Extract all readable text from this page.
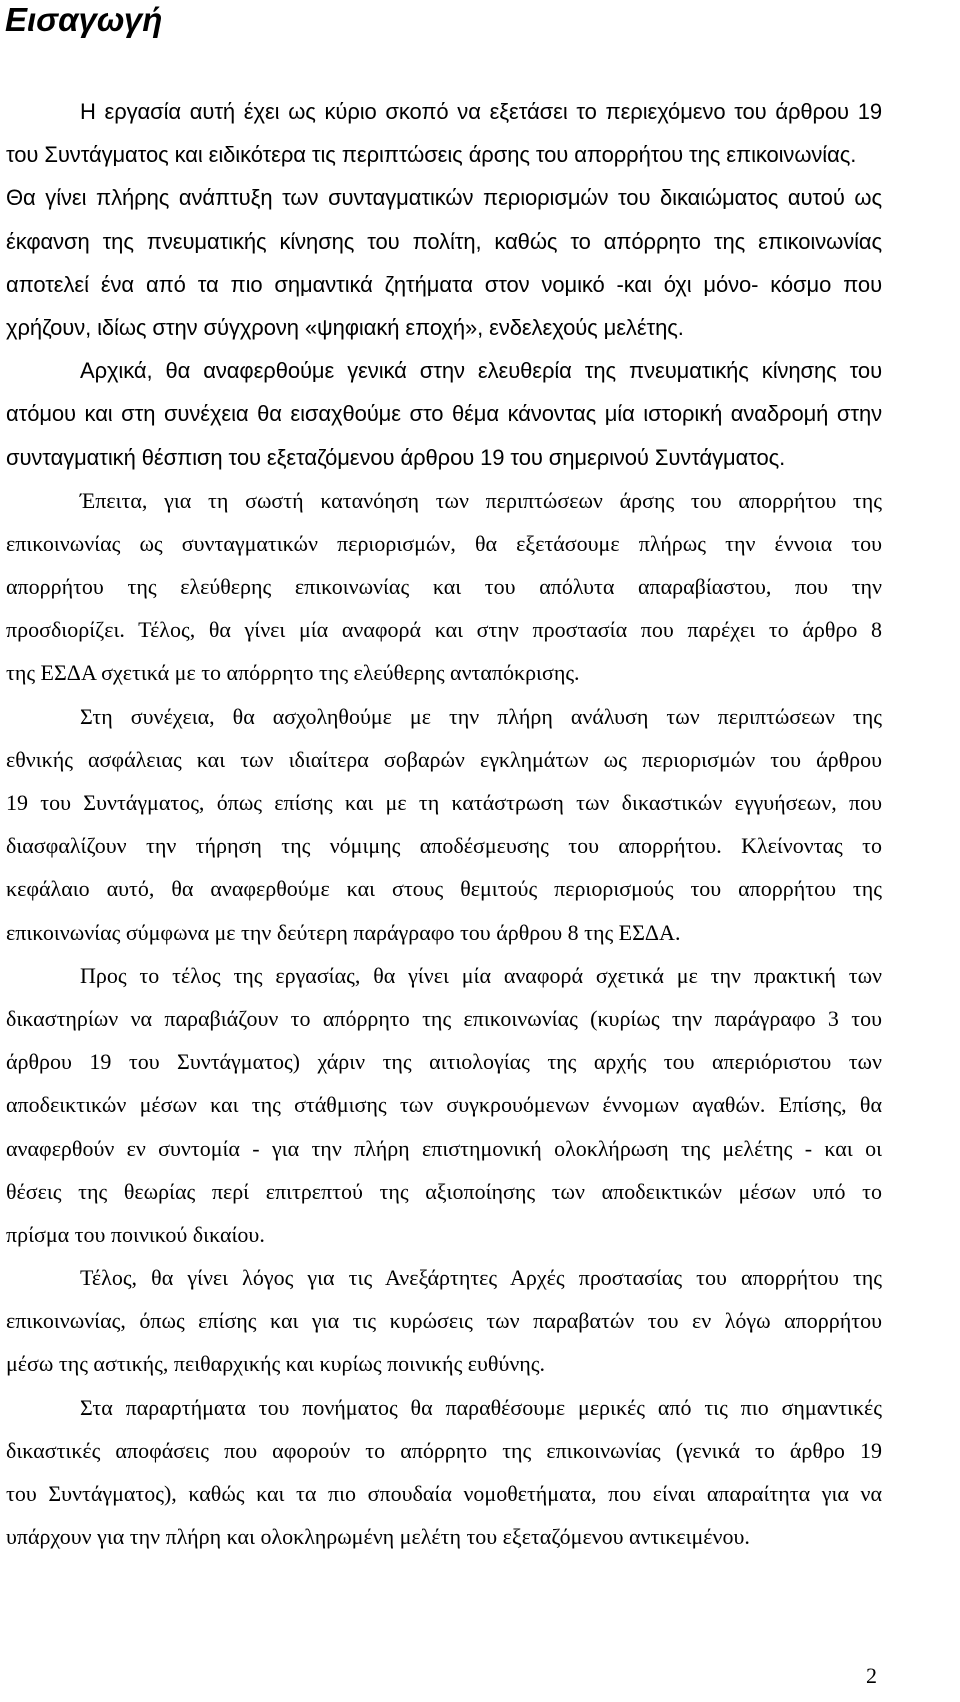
Εισαγωγή
Η εργασία αυτή έχει ως κύριο σκοπό να εξετάσει το περιεχόμενο του άρθρου 19
του Συντάγματος και ειδικότερα τις περιπτώσεις άρσης του απορρήτου της επικοινωνίας.
Θα γίνει πλήρης ανάπτυξη των συνταγματικών περιορισμών του δικαιώματος αυτού ως
έκφανση της πνευματικής κίνησης του πολίτη, καθώς το απόρρητο της επικοινωνίας
αποτελεί ένα από τα πιο σημαντικά ζητήματα στον νομικό -και όχι μόνο- κόσμο που
χρήζουν, ιδίως στην σύγχρονη «ψηφιακή εποχή», ενδελεχούς μελέτης.
Αρχικά, θα αναφερθούμε γενικά στην ελευθερία της πνευματικής κίνησης του
ατόμου και στη συνέχεια θα εισαχθούμε στο θέμα κάνοντας μία ιστορική αναδρομή στην
συνταγματική θέσπιση του εξεταζόμενου άρθρου 19 του σημερινού Συντάγματος.
Έπειτα, για τη σωστή κατανόηση των περιπτώσεων άρσης του απορρήτου της
επικοινωνίας ως συνταγματικών περιορισμών, θα εξετάσουμε πλήρως την έννοια του
απορρήτου της ελεύθερης επικοινωνίας και του απόλυτα απαραβίαστου, που την
προσδιορίζει. Τέλος, θα γίνει μία αναφορά και στην προστασία που παρέχει το άρθρο 8
της ΕΣΔΑ σχετικά με το απόρρητο της ελεύθερης ανταπόκρισης.
Στη συνέχεια, θα ασχοληθούμε με την πλήρη ανάλυση των περιπτώσεων της
εθνικής ασφάλειας και των ιδιαίτερα σοβαρών εγκλημάτων ως περιορισμών του άρθρου
19 του Συντάγματος, όπως επίσης και με τη κατάστρωση των δικαστικών εγγυήσεων, που
διασφαλίζουν την τήρηση της νόμιμης αποδέσμευσης του απορρήτου. Κλείνοντας το
κεφάλαιο αυτό, θα αναφερθούμε και στους θεμιτούς περιορισμούς του απορρήτου της
επικοινωνίας σύμφωνα με την δεύτερη παράγραφο του άρθρου 8 της ΕΣΔΑ.
Προς το τέλος της εργασίας, θα γίνει μία αναφορά σχετικά με την πρακτική των
δικαστηρίων να παραβιάζουν το απόρρητο της επικοινωνίας (κυρίως την παράγραφο 3 του
άρθρου 19 του Συντάγματος) χάριν της αιτιολογίας της αρχής του απεριόριστου των
αποδεικτικών μέσων και της στάθμισης των συγκρουόμενων έννομων αγαθών. Επίσης, θα
αναφερθούν εν συντομία - για την πλήρη επιστημονική ολοκλήρωση της μελέτης - και οι
θέσεις της θεωρίας περί επιτρεπτού της αξιοποίησης των αποδεικτικών μέσων υπό το
πρίσμα του ποινικού δικαίου.
Τέλος, θα γίνει λόγος για τις Ανεξάρτητες Αρχές προστασίας του απορρήτου της
επικοινωνίας, όπως επίσης και για τις κυρώσεις των παραβατών του εν λόγω απορρήτου
μέσω της αστικής, πειθαρχικής και κυρίως ποινικής ευθύνης.
Στα παραρτήματα του πονήματος θα παραθέσουμε μερικές από τις πιο σημαντικές
δικαστικές αποφάσεις που αφορούν το απόρρητο της επικοινωνίας (γενικά το άρθρο 19
του Συντάγματος), καθώς και τα πιο σπουδαία νομοθετήματα, που είναι απαραίτητα για να
υπάρχουν για την πλήρη και ολοκληρωμένη μελέτη του εξεταζόμενου αντικειμένου.
2
